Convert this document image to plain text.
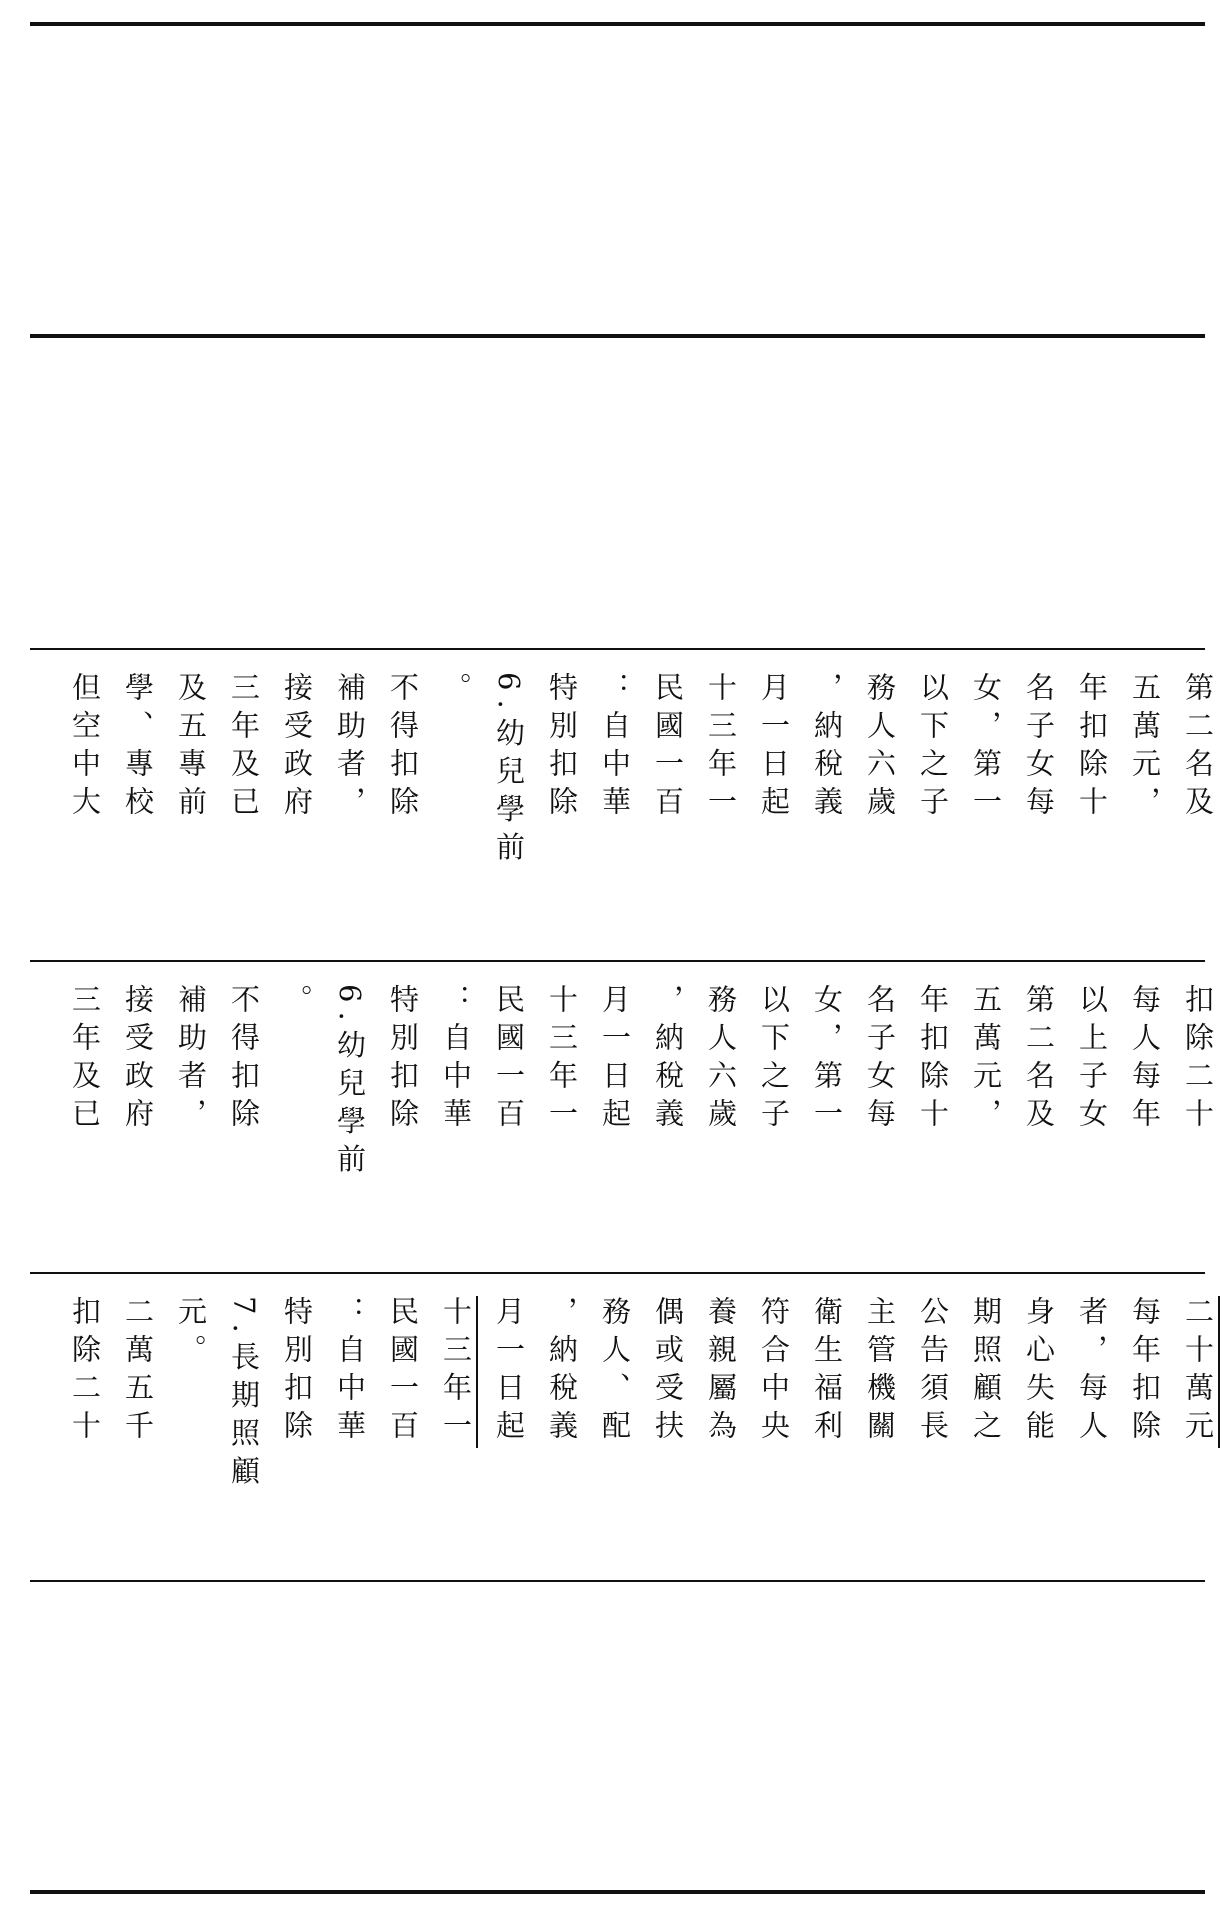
但空中大 學、專校 及五專前 三年及已 接受政府 補助者， 不得扣除 。 6.幼兒學前 特別扣除 ：自中華 民國一百 十三年一 月一日起 ，納稅義 務人六歲 以下之子 女，第一 名子女每 年扣除十 五萬元， 第二名及
三年及已 接受政府 補助者， 不得扣除 。 6.幼兒學前 特別扣除 ：自中華 民國一百 十三年一 月一日起 ，納稅義 務人六歲 以下之子 女，第一 名子女每 年扣除十 五萬元， 第二名及 以上子女 每人每年 扣除二十
扣除二十 二萬五千 元。 7.長期照顧 特別扣除 ：自中華 民國一百 十三年一 月一日起 ，納稅義 務人、配 偶或受扶 養親屬為 符合中央 衛生福利 主管機關 公告須長 期照顧之 身心失能 者，每人 每年扣除 二十萬元
